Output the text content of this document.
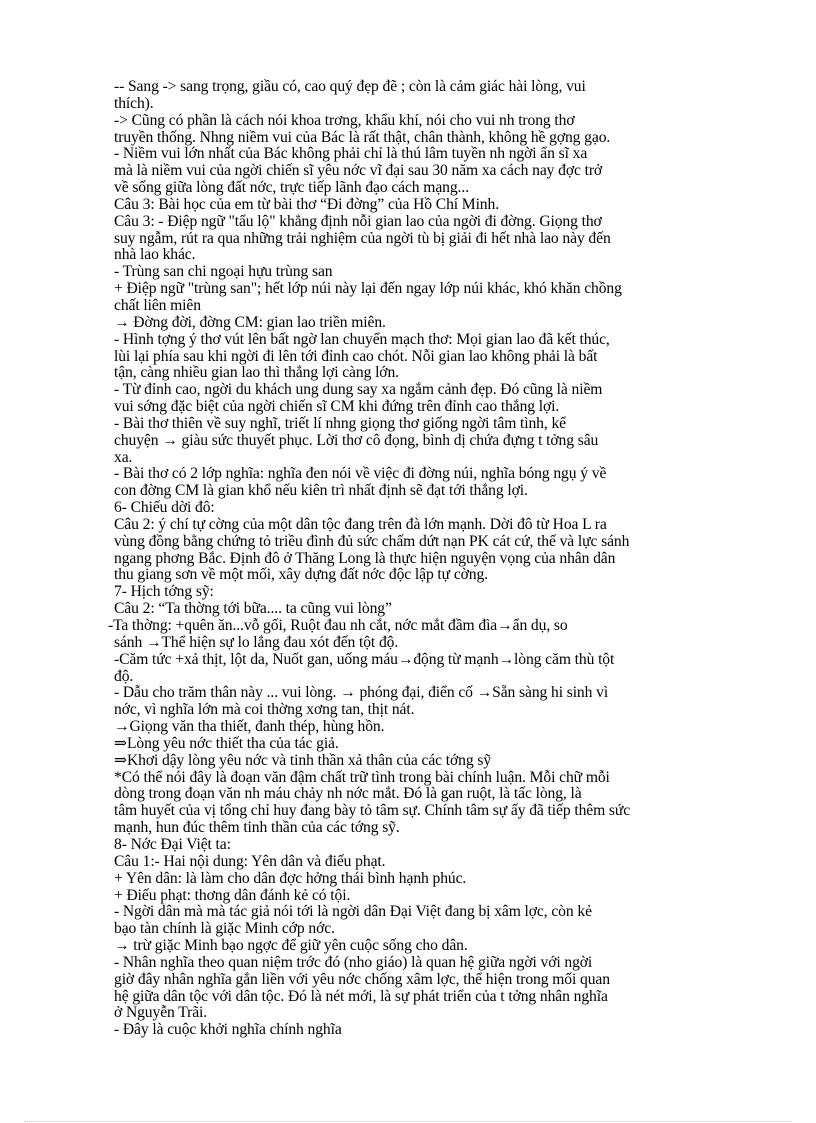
-- Sang -> sang trọng, giầu có, cao quý đẹp đẽ ; còn là cảm giác hài lòng, vui
thích).
-> Cũng có phần là cách nói khoa trơng, khẩu khí, nói cho vui nh trong thơ
truyền thống. Nhng niềm vui của Bác là rất thật, chân thành, không hề gợng gạo.
- Niềm vui lớn nhất của Bác không phải chỉ là thú lâm tuyền nh ngời ẩn sĩ xa
mà là niềm vui của ngời chiến sĩ yêu nớc vĩ đại sau 30 năm xa cách nay đợc trở
về sống giữa lòng đất nớc, trực tiếp lãnh đạo cách mạng...
Câu 3: Bài học của em từ bài thơ “Đi đờng” của Hồ Chí Minh.
Câu 3: - Điệp ngữ "tẩu lộ" khẳng định nỗi gian lao của ngời đi đờng. Giọng thơ
suy ngẫm, rút ra qua những trải nghiệm của ngời tù bị giải đi hết nhà lao này đến
nhà lao khác.
- Trùng san chi ngoại hựu trùng san
+ Điệp ngữ "trùng san"; hết lớp núi này lại đến ngay lớp núi khác, khó khăn chồng
chất liên miên
→ Đờng đời, đờng CM: gian lao triền miên.
- Hình tợng ý thơ vút lên bất ngờ lan chuyển mạch thơ: Mọi gian lao đã kết thúc,
lùi lại phía sau khi ngời đi lên tới đỉnh cao chót. Nỗi gian lao không phải là bất
tận, càng nhiều gian lao thì thắng lợi càng lớn.
- Từ đỉnh cao, ngời du khách ung dung say xa ngắm cảnh đẹp. Đó cũng là niềm
vui sớng đặc biệt của ngời chiến sĩ CM khi đứng trên đỉnh cao thắng lợi.
- Bài thơ thiên về suy nghĩ, triết lí nhng giọng thơ giống ngời tâm tình, kể
chuyện → giàu sức thuyết phục. Lời thơ cô đọng, bình dị chứa đựng t tởng sâu
xa.
- Bài thơ có 2 lớp nghĩa: nghĩa đen nói về việc đi đờng núi, nghĩa bóng ngụ ý về
con đờng CM là gian khổ nếu kiên trì nhất định sẽ đạt tới thắng lợi.
6- Chiếu dời đô:
Câu 2: ý chí tự cờng của một dân tộc đang trên đà lớn mạnh. Dời đô từ Hoa L ra
vùng đồng bằng chứng tỏ triều đình đủ sức chấm dứt nạn PK cát cứ, thế và lực sánh
ngang phơng Bắc. Định đô ở Thăng Long là thực hiện nguyện vọng của nhân dân
thu giang sơn về một mối, xây dựng đất nớc độc lập tự cờng.
7- Hịch tớng sỹ:
Câu 2: “Ta thờng tới bữa.... ta cũng vui lòng”
-Ta thờng: +quên ăn...vỗ gối, Ruột đau nh cắt, nớc mắt đầm đìa→ẩn dụ, so
sánh →Thể hiện sự lo lắng đau xót đến tột độ.
-Căm tức +xả thịt, lột da, Nuốt gan, uống máu→động từ mạnh→lòng căm thù tột
độ.
- Dẫu cho trăm thân này ... vui lòng. → phóng đại, điển cố →Sẵn sàng hi sinh vì
nớc, vì nghĩa lớn mà coi thờng xơng tan, thịt nát.
→Giọng văn tha thiết, đanh thép, hùng hồn.
⇒Lòng yêu nớc thiết tha của tác giả.
⇒Khơi dậy lòng yêu nớc và tinh thần xả thân của các tớng sỹ
*Có thể nói đây là đoạn văn đậm chất trữ tình trong bài chính luận. Mỗi chữ mỗi
dòng trong đoạn văn nh máu chảy nh nớc mắt. Đó là gan ruột, là tấc lòng, là
tâm huyết của vị tổng chỉ huy đang bày tỏ tâm sự. Chính tâm sự ấy đã tiếp thêm sức
mạnh, hun đúc thêm tinh thần của các tớng sỹ.
8- Nớc Đại Việt ta:
Câu 1:- Hai nội dung: Yên dân và điếu phạt.
+ Yên dân: là làm cho dân đợc hởng thái bình hạnh phúc.
+ Điếu phạt: thơng dân đánh kẻ có tội.
- Ngời dân mà mà tác giả nói tới là ngời dân Đại Việt đang bị xâm lợc, còn kẻ
bạo tàn chính là giặc Minh cớp nớc.
→ trừ giặc Minh bạo ngợc để giữ yên cuộc sống cho dân.
- Nhân nghĩa theo quan niệm trớc đó (nho giáo) là quan hệ giữa ngời với ngời
giờ đây nhân nghĩa gắn liền với yêu nớc chống xâm lợc, thể hiện trong mối quan
hệ giữa dân tộc với dân tộc. Đó là nét mới, là sự phát triển của t tởng nhân nghĩa
ở Nguyễn Trãi.
- Đây là cuộc khởi nghĩa chính nghĩa
